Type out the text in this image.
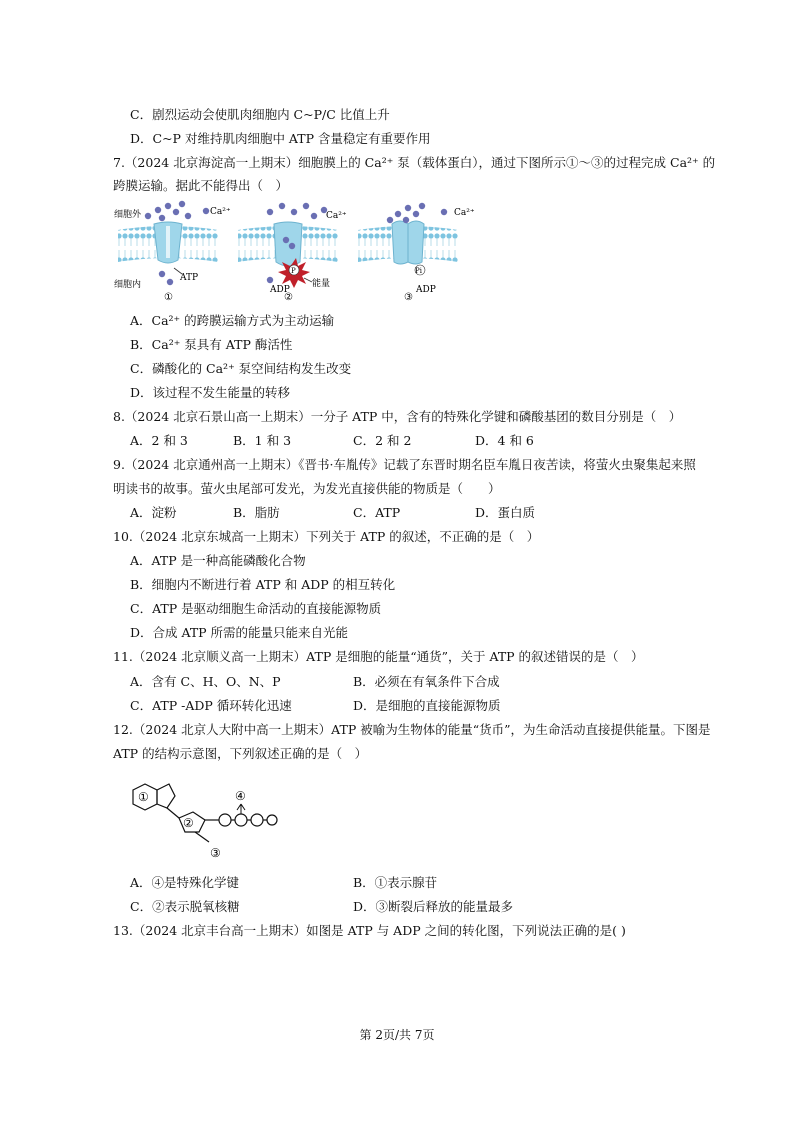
C．剧烈运动会使肌肉细胞内 C~P/C 比值上升
D．C~P 对维持肌肉细胞中 ATP 含量稳定有重要作用
7.（2024 北京海淀高一上期末）细胞膜上的 Ca²⁺ 泵（载体蛋白），通过下图所示①～③的过程完成 Ca²⁺ 的
跨膜运输。据此不能得出（　）
细胞外	Ca²⁺
ATP
细胞内
①
P
能量
Ca²⁺
ADP
②
Pi
Ca²⁺
ADP
③
A．Ca²⁺ 的跨膜运输方式为主动运输
B．Ca²⁺ 泵具有 ATP 酶活性
C．磷酸化的 Ca²⁺ 泵空间结构发生改变
D．该过程不发生能量的转移
8.（2024 北京石景山高一上期末）一分子 ATP 中，含有的特殊化学键和磷酸基团的数目分别是（　）
A．2 和 3	B．1 和 3	C．2 和 2	D．4 和 6
9.（2024 北京通州高一上期末）《晋书·车胤传》记载了东晋时期名臣车胤日夜苦读，将萤火虫聚集起来照
明读书的故事。萤火虫尾部可发光，为发光直接供能的物质是（　　）
A．淀粉	B．脂肪	C．ATP	D．蛋白质
10.（2024 北京东城高一上期末）下列关于 ATP 的叙述，不正确的是（　）
A．ATP 是一种高能磷酸化合物
B．细胞内不断进行着 ATP 和 ADP 的相互转化
C．ATP 是驱动细胞生命活动的直接能源物质
D．合成 ATP 所需的能量只能来自光能
11.（2024 北京顺义高一上期末）ATP 是细胞的能量“通货”，关于 ATP 的叙述错误的是（　）
A．含有 C、H、O、N、P	B．必须在有氧条件下合成
C．ATP -ADP 循环转化迅速	D．是细胞的直接能源物质
12.（2024 北京人大附中高一上期末）ATP 被喻为生物体的能量“货币”，为生命活动直接提供能量。下图是
ATP 的结构示意图，下列叙述正确的是（　）
①
②
③
④
A．④是特殊化学键	B．①表示腺苷
C．②表示脱氧核糖	D．③断裂后释放的能量最多
13.（2024 北京丰台高一上期末）如图是 ATP 与 ADP 之间的转化图，下列说法正确的是( )
第 2页/共 7页
